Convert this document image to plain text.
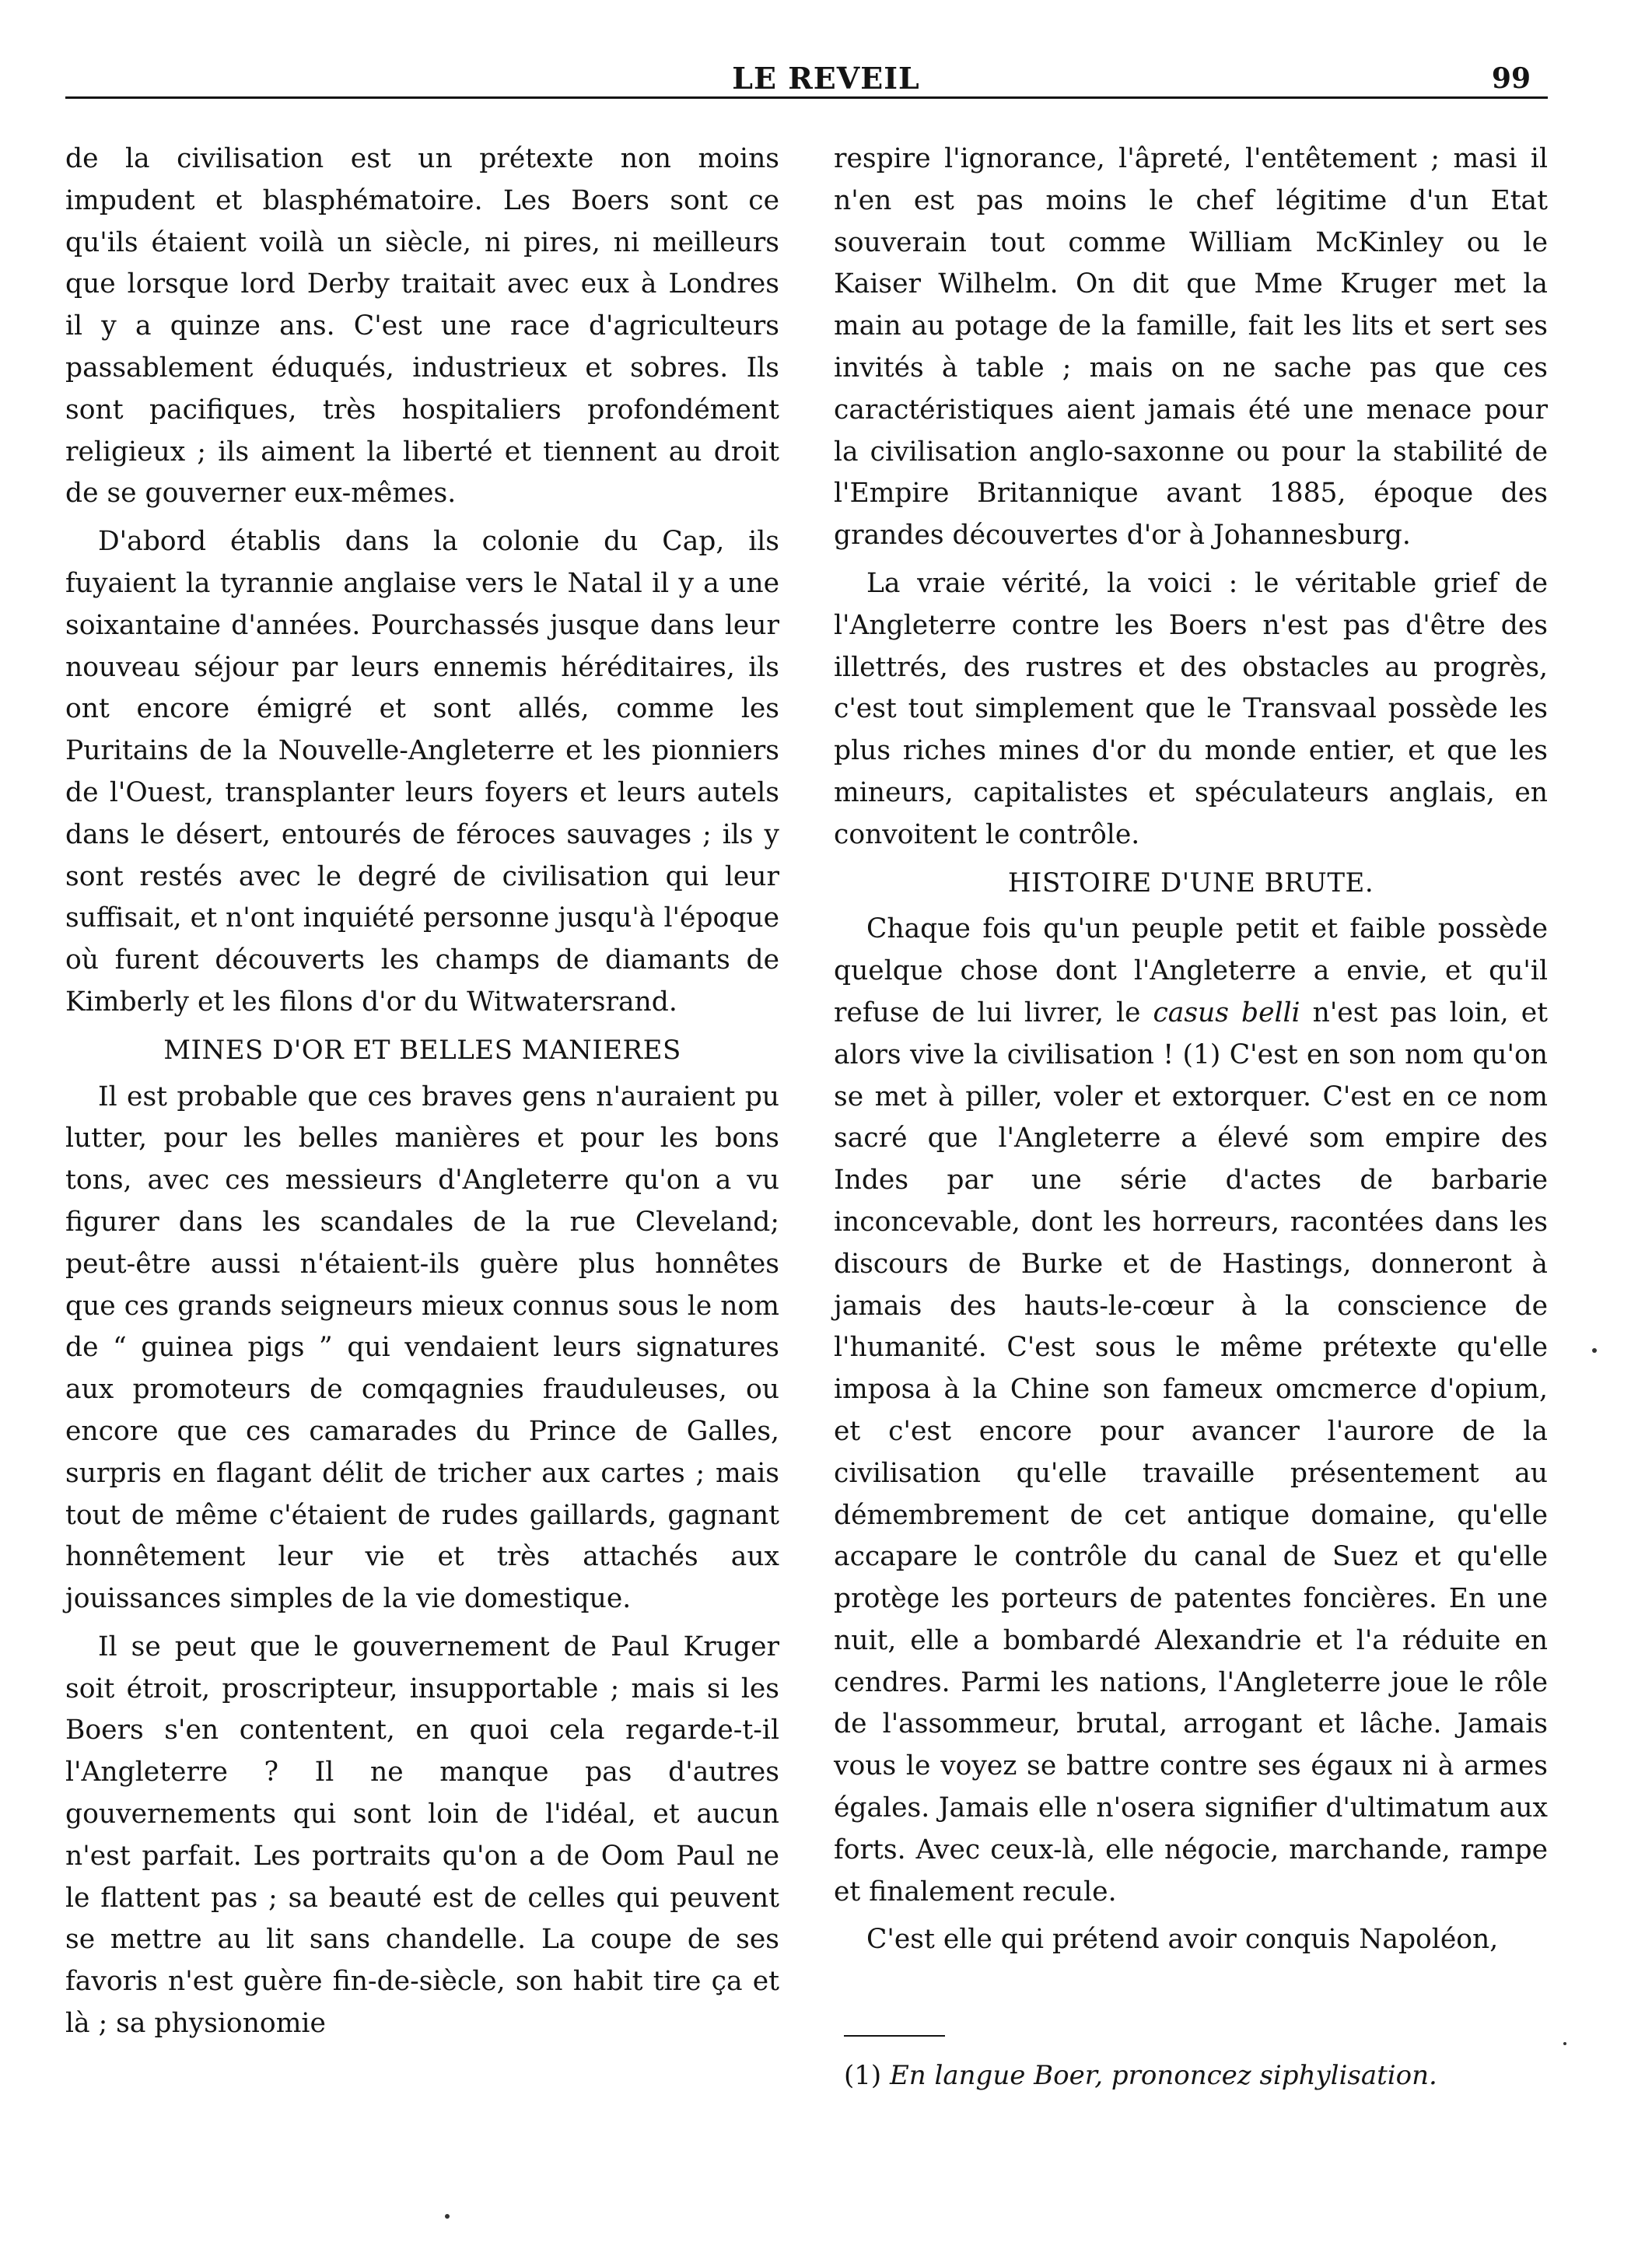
LE REVEIL	99

de la civilisation est un prétexte non moins impudent et blasphématoire. Les Boers sont ce qu'ils étaient voilà un siècle, ni pires, ni meilleurs que lorsque lord Derby traitait avec eux à Londres il y a quinze ans. C'est une race d'agriculteurs passablement éduqués, industrieux et sobres. Ils sont pacifiques, très hospitaliers profondément religieux ; ils aiment la liberté et tiennent au droit de se gouverner eux-mêmes.

D'abord établis dans la colonie du Cap, ils fuyaient la tyrannie anglaise vers le Natal il y a une soixantaine d'années. Pourchassés jusque dans leur nouveau séjour par leurs ennemis héréditaires, ils ont encore émigré et sont allés, comme les Puritains de la Nouvelle-Angleterre et les pionniers de l'Ouest, transplanter leurs foyers et leurs autels dans le désert, entourés de féroces sauvages ; ils y sont restés avec le degré de civilisation qui leur suffisait, et n'ont inquiété personne jusqu'à l'époque où furent découverts les champs de diamants de Kimberly et les filons d'or du Witwatersrand.

MINES D'OR ET BELLES MANIERES

Il est probable que ces braves gens n'auraient pu lutter, pour les belles manières et pour les bons tons, avec ces messieurs d'Angleterre qu'on a vu figurer dans les scandales de la rue Cleveland; peut-être aussi n'étaient-ils guère plus honnêtes que ces grands seigneurs mieux connus sous le nom de “ guinea pigs ” qui vendaient leurs signatures aux promoteurs de comqagnies frauduleuses, ou encore que ces camarades du Prince de Galles, surpris en flagant délit de tricher aux cartes ; mais tout de même c'étaient de rudes gaillards, gagnant honnêtement leur vie et très attachés aux jouissances simples de la vie domestique.

Il se peut que le gouvernement de Paul Kruger soit étroit, proscripteur, insupportable ; mais si les Boers s'en contentent, en quoi cela regarde-t-il l'Angleterre ? Il ne manque pas d'autres gouvernements qui sont loin de l'idéal, et aucun n'est parfait. Les portraits qu'on a de Oom Paul ne le flattent pas ; sa beauté est de celles qui peuvent se mettre au lit sans chandelle. La coupe de ses favoris n'est guère fin-de-siècle, son habit tire ça et là ; sa physionomie

respire l'ignorance, l'âpreté, l'entêtement ; masi il n'en est pas moins le chef légitime d'un Etat souverain tout comme William McKinley ou le Kaiser Wilhelm. On dit que Mme Kruger met la main au potage de la famille, fait les lits et sert ses invités à table ; mais on ne sache pas que ces caractéristiques aient jamais été une menace pour la civilisation anglo-saxonne ou pour la stabilité de l'Empire Britannique avant 1885, époque des grandes découvertes d'or à Johannesburg.

La vraie vérité, la voici : le véritable grief de l'Angleterre contre les Boers n'est pas d'être des illettrés, des rustres et des obstacles au progrès, c'est tout simplement que le Transvaal possède les plus riches mines d'or du monde entier, et que les mineurs, capitalistes et spéculateurs anglais, en convoitent le contrôle.

HISTOIRE D'UNE BRUTE.

Chaque fois qu'un peuple petit et faible possède quelque chose dont l'Angleterre a envie, et qu'il refuse de lui livrer, le casus belli n'est pas loin, et alors vive la civilisation ! (1) C'est en son nom qu'on se met à piller, voler et extorquer. C'est en ce nom sacré que l'Angleterre a élevé som empire des Indes par une série d'actes de barbarie inconcevable, dont les horreurs, racontées dans les discours de Burke et de Hastings, donneront à jamais des hauts-le-cœur à la conscience de l'humanité. C'est sous le même prétexte qu'elle imposa à la Chine son fameux omcmerce d'opium, et c'est encore pour avancer l'aurore de la civilisation qu'elle travaille présentement au démembrement de cet antique domaine, qu'elle accapare le contrôle du canal de Suez et qu'elle protège les porteurs de patentes foncières. En une nuit, elle a bombardé Alexandrie et l'a réduite en cendres. Parmi les nations, l'Angleterre joue le rôle de l'assommeur, brutal, arrogant et lâche. Jamais vous le voyez se battre contre ses égaux ni à armes égales. Jamais elle n'osera signifier d'ultimatum aux forts. Avec ceux-là, elle négocie, marchande, rampe et finalement recule.

C'est elle qui prétend avoir conquis Napoléon,

(1) En langue Boer, prononcez siphylisation.
